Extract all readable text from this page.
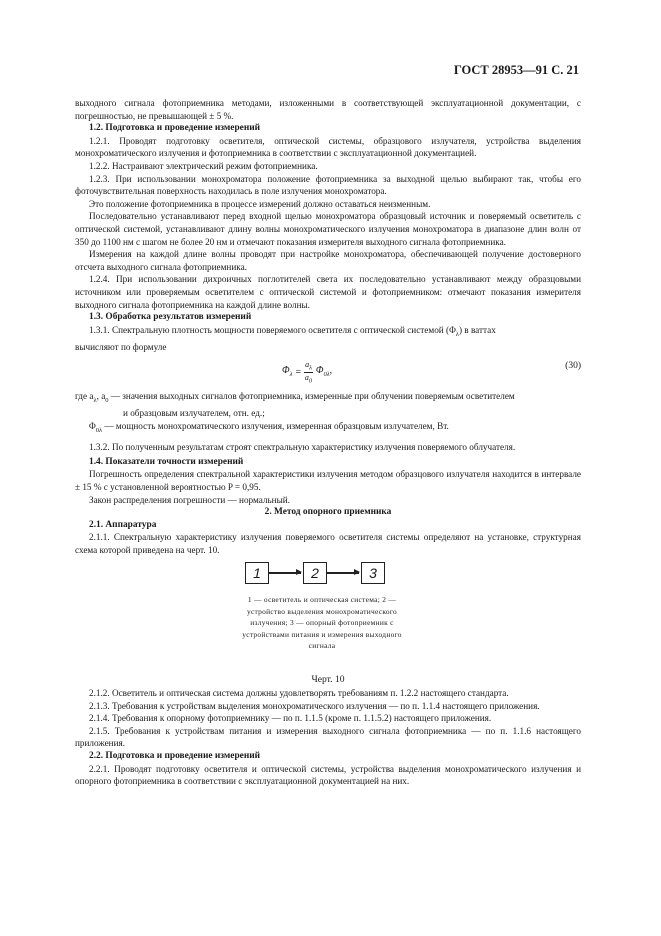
ГОСТ 28953—91 С. 21

выходного сигнала фотоприемника методами, изложенными в соответствующей эксплуатационной документации, с погрешностью, не превышающей ± 5 %.

1.2. Подготовка и проведение измерений

1.2.1. Проводят подготовку осветителя, оптической системы, образцового излучателя, устройства выделения монохроматического излучения и фотоприемника в соответствии с эксплуатационной документацией.

1.2.2. Настраивают электрический режим фотоприемника.

1.2.3. При использовании монохроматора положение фотоприемника за выходной щелью выбирают так, чтобы его фоточувствительная поверхность находилась в поле излучения монохроматора.

Это положение фотоприемника в процессе измерений должно оставаться неизменным.

Последовательно устанавливают перед входной щелью монохроматора образцовый источник и поверяемый осветитель с оптической системой, устанавливают длину волны монохроматического излучения монохроматора в диапазоне длин волн от 350 до 1100 нм с шагом не более 20 нм и отмечают показания измерителя выходного сигнала фотоприемника.

Измерения на каждой длине волны проводят при настройке монохроматора, обеспечивающей получение достоверного отсчета выходного сигнала фотоприемника.

1.2.4. При использовании дихроичных поглотителей света их последовательно устанавливают между образцовыми источником или проверяемым осветителем с оптической системой и фотоприемником: отмечают показания измерителя выходного сигнала фотоприемника на каждой длине волны.

1.3. Обработка результатов измерений

1.3.1. Спектральную плотность мощности поверяемого осветителя с оптической системой $(\Phi_\lambda)$ в ваттах

вычисляют по формуле

$\Phi_\lambda = \frac{a_\lambda}{a_0} \Phi_{0\lambda}$,	(30)

где $a_\lambda$, $a_0$ — значения выходных сигналов фотоприемника, измеренные при облучении поверяемым осветителем

и образцовым излучателем, отн. ед.;

$\Phi_{0\lambda}$ — мощность монохроматического излучения, измеренная образцовым излучателем, Вт.

1.3.2. По полученным результатам строят спектральную характеристику излучения поверяемого облучателя.

1.4. Показатели точности измерений

Погрешность определения спектральной характеристики излучения методом образцового излучателя находится в интервале ± 15 % с установленной вероятностью P = 0,95.

Закон распределения погрешности — нормальный.

2. Метод опорного приемника

2.1. Аппаратура

2.1.1. Спектральную характеристику излучения поверяемого осветителя системы определяют на установке, структурная схема которой приведена на черт. 10.

1	2	3
1 — осветитель и оптическая система; 2 — устройство выделения монохроматического излучения; 3 — опорный фотоприемник с устройствами питания и измерения выходного сигнала

Черт. 10

2.1.2. Осветитель и оптическая система должны удовлетворять требованиям п. 1.2.2 настоящего стандарта.

2.1.3. Требования к устройствам выделения монохроматического излучения — по п. 1.1.4 настоящего приложения.

2.1.4. Требования к опорному фотоприемнику — по п. 1.1.5 (кроме п. 1.1.5.2) настоящего приложения.

2.1.5. Требования к устройствам питания и измерения выходного сигнала фотоприемника — по п. 1.1.6 настоящего приложения.

2.2. Подготовка и проведение измерений

2.2.1. Проводят подготовку осветителя и оптической системы, устройства выделения монохроматического излучения и опорного фотоприемника в соответствии с эксплуатационной документацией на них.
